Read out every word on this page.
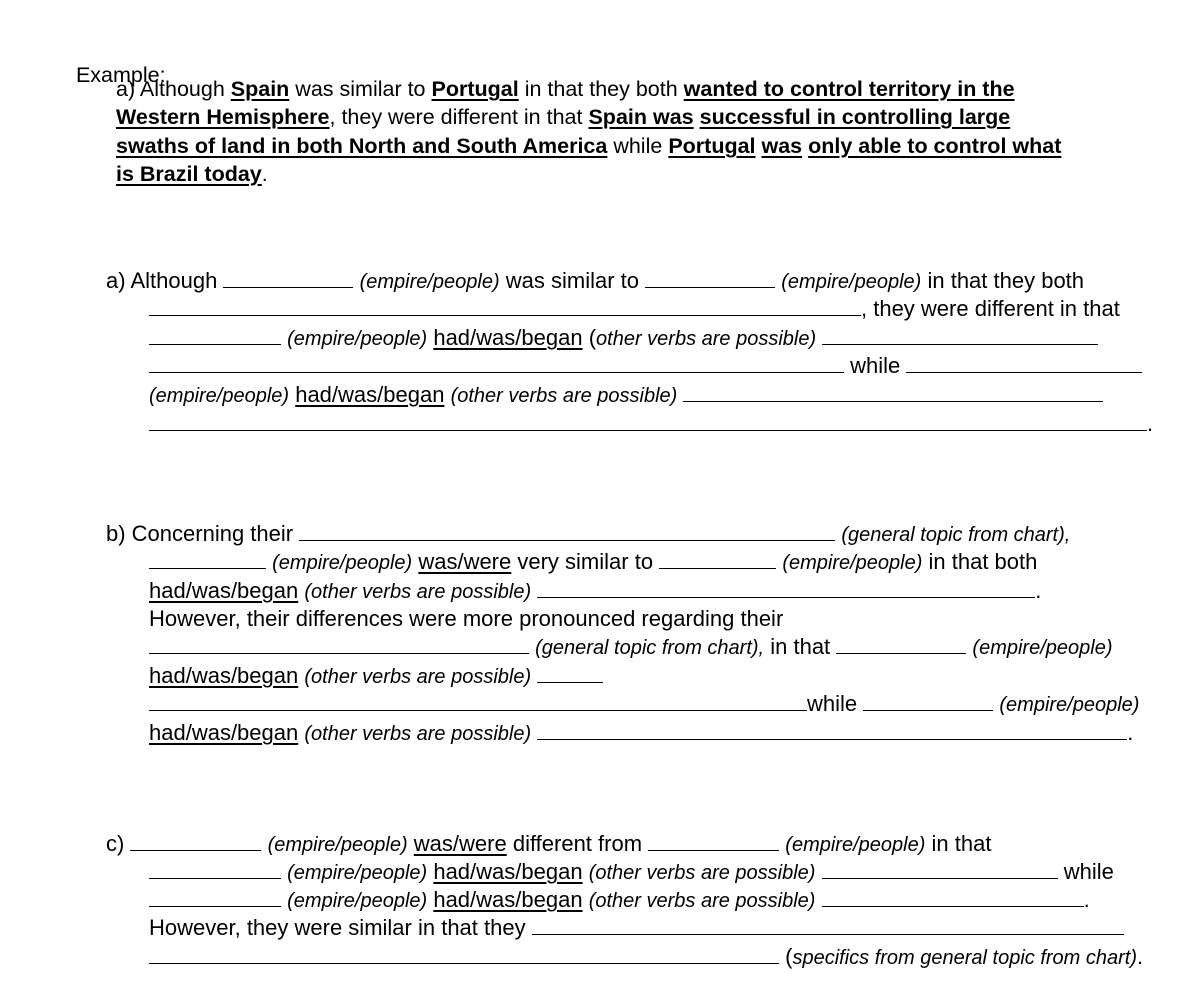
Example:

a) Although Spain was similar to Portugal in that they both wanted to control territory in the
Western Hemisphere, they were different in that Spain was successful in controlling large
swaths of land in both North and South America while Portugal was only able to control what
is Brazil today.
a) Although	(empire/people) was similar to	(empire/people) in that they both
, they were different in that
(empire/people) had/was/began (other verbs are possible)
while
(empire/people) had/was/began (other verbs are possible)
.
b) Concerning their	(general topic from chart),
(empire/people) was/were very similar to	(empire/people) in that both
had/was/began (other verbs are possible)	.
However, their differences were more pronounced regarding their
(general topic from chart), in that	(empire/people)
had/was/began (other verbs are possible)
while	(empire/people)
had/was/began (other verbs are possible)	.
c)	(empire/people) was/were different from	(empire/people) in that
(empire/people) had/was/began (other verbs are possible)	while
(empire/people) had/was/began (other verbs are possible)	.
However, they were similar in that they
(specifics from general topic from chart).
